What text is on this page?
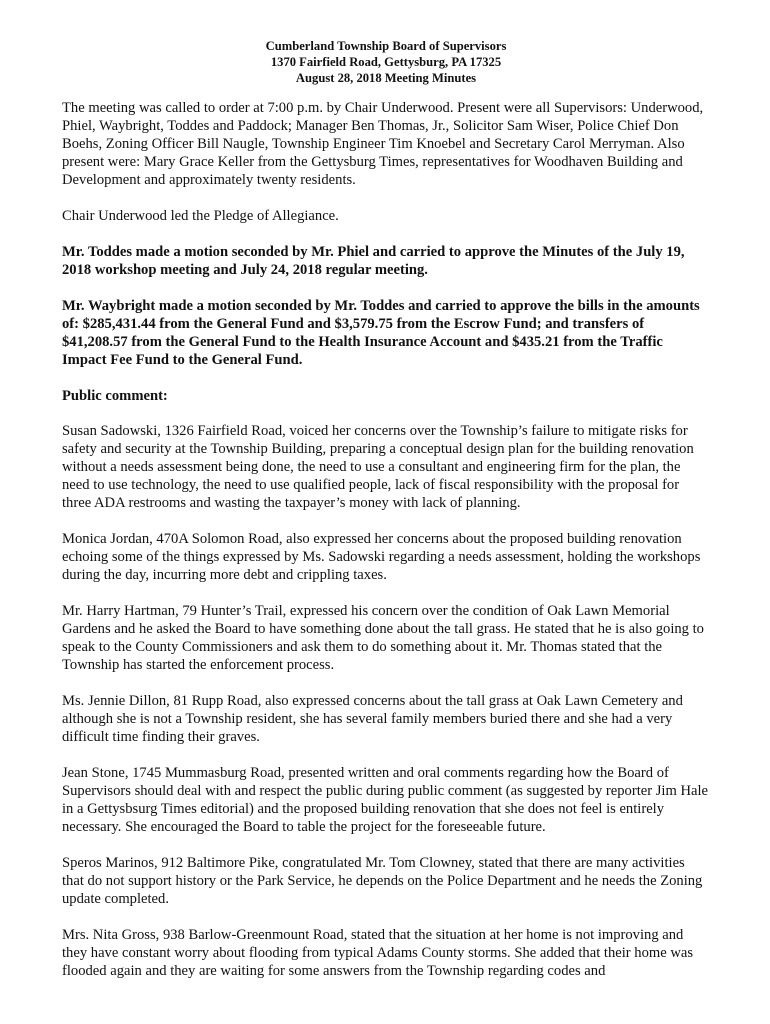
Cumberland Township Board of Supervisors
1370 Fairfield Road, Gettysburg, PA 17325
August 28, 2018 Meeting Minutes

The meeting was called to order at 7:00 p.m. by Chair Underwood. Present were all Supervisors: Underwood, Phiel, Waybright, Toddes and Paddock; Manager Ben Thomas, Jr., Solicitor Sam Wiser, Police Chief Don Boehs, Zoning Officer Bill Naugle, Township Engineer Tim Knoebel and Secretary Carol Merryman. Also present were: Mary Grace Keller from the Gettysburg Times, representatives for Woodhaven Building and Development and approximately twenty residents.

Chair Underwood led the Pledge of Allegiance.

Mr. Toddes made a motion seconded by Mr. Phiel and carried to approve the Minutes of the July 19, 2018 workshop meeting and July 24, 2018 regular meeting.

Mr. Waybright made a motion seconded by Mr. Toddes and carried to approve the bills in the amounts of: $285,431.44 from the General Fund and $3,579.75 from the Escrow Fund; and transfers of $41,208.57 from the General Fund to the Health Insurance Account and $435.21 from the Traffic Impact Fee Fund to the General Fund.

Public comment:

Susan Sadowski, 1326 Fairfield Road, voiced her concerns over the Township’s failure to mitigate risks for safety and security at the Township Building, preparing a conceptual design plan for the building renovation without a needs assessment being done, the need to use a consultant and engineering firm for the plan, the need to use technology, the need to use qualified people, lack of fiscal responsibility with the proposal for three ADA restrooms and wasting the taxpayer’s money with lack of planning.

Monica Jordan, 470A Solomon Road, also expressed her concerns about the proposed building renovation echoing some of the things expressed by Ms. Sadowski regarding a needs assessment, holding the workshops during the day, incurring more debt and crippling taxes.

Mr. Harry Hartman, 79 Hunter’s Trail, expressed his concern over the condition of Oak Lawn Memorial Gardens and he asked the Board to have something done about the tall grass. He stated that he is also going to speak to the County Commissioners and ask them to do something about it. Mr. Thomas stated that the Township has started the enforcement process.

Ms. Jennie Dillon, 81 Rupp Road, also expressed concerns about the tall grass at Oak Lawn Cemetery and although she is not a Township resident, she has several family members buried there and she had a very difficult time finding their graves.

Jean Stone, 1745 Mummasburg Road, presented written and oral comments regarding how the Board of Supervisors should deal with and respect the public during public comment (as suggested by reporter Jim Hale in a Gettysbsurg Times editorial) and the proposed building renovation that she does not feel is entirely necessary. She encouraged the Board to table the project for the foreseeable future.

Speros Marinos, 912 Baltimore Pike, congratulated Mr. Tom Clowney, stated that there are many activities that do not support history or the Park Service, he depends on the Police Department and he needs the Zoning update completed.

Mrs. Nita Gross, 938 Barlow-Greenmount Road, stated that the situation at her home is not improving and they have constant worry about flooding from typical Adams County storms. She added that their home was flooded again and they are waiting for some answers from the Township regarding codes and
